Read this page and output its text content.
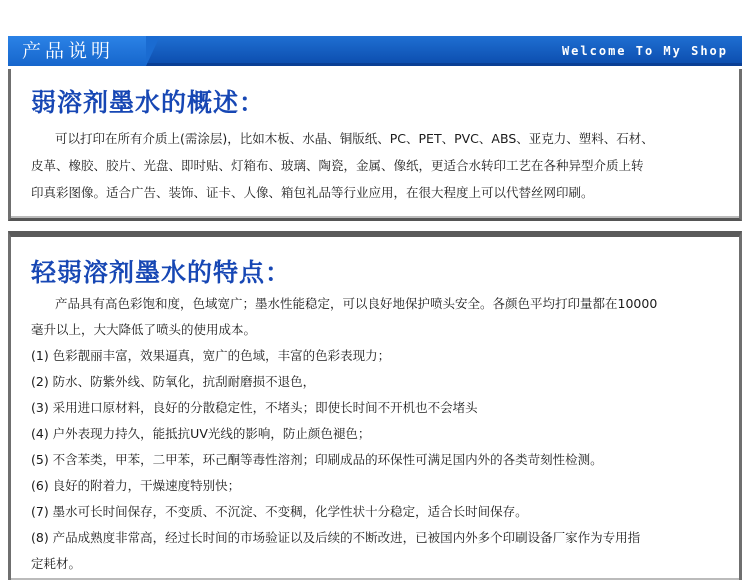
产品说明	Welcome To My Shop
弱溶剂墨水的概述：
可以打印在所有介质上(需涂层)，比如木板、水晶、铜版纸、PC、PET、PVC、ABS、亚克力、塑料、石材、
皮革、橡胶、胶片、光盘、即时贴、灯箱布、玻璃、陶瓷，金属、像纸，更适合水转印工艺在各种异型介质上转
印真彩图像。适合广告、装饰、证卡、人像、箱包礼品等行业应用，在很大程度上可以代替丝网印刷。
轻弱溶剂墨水的特点：
产品具有高色彩饱和度，色域宽广；墨水性能稳定，可以良好地保护喷头安全。各颜色平均打印量都在10000
毫升以上，大大降低了喷头的使用成本。
(1) 色彩靓丽丰富，效果逼真，宽广的色域，丰富的色彩表现力；
(2) 防水、防紫外线、防氧化，抗刮耐磨损不退色，
(3) 采用进口原材料，良好的分散稳定性，不堵头；即使长时间不开机也不会堵头
(4) 户外表现力持久，能抵抗UV光线的影响，防止颜色褪色；
(5) 不含苯类，甲苯，二甲苯，环己酮等毒性溶剂；印刷成品的环保性可满足国内外的各类苛刻性检测。
(6) 良好的附着力，干燥速度特别快；
(7) 墨水可长时间保存，不变质、不沉淀、不变稠，化学性状十分稳定，适合长时间保存。
(8) 产品成熟度非常高，经过长时间的市场验证以及后续的不断改进，已被国内外多个印刷设备厂家作为专用指
定耗材。
